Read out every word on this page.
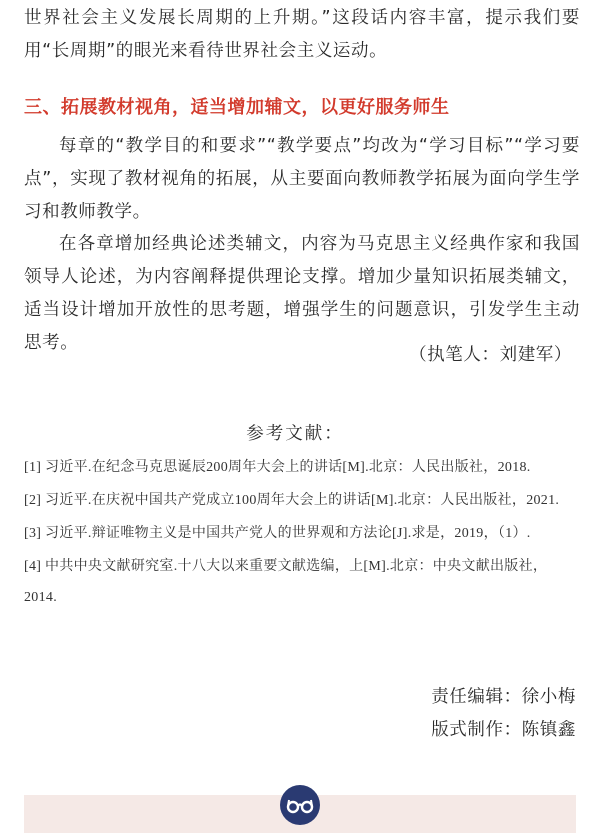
世界社会主义发展长周期的上升期。”这段话内容丰富，提示我们要用“长周期”的眼光来看待世界社会主义运动。

三、拓展教材视角，适当增加辅文，以更好服务师生

每章的“教学目的和要求”“教学要点”均改为“学习目标”“学习要点”，实现了教材视角的拓展，从主要面向教师教学拓展为面向学生学习和教师教学。

在各章增加经典论述类辅文，内容为马克思主义经典作家和我国领导人论述，为内容阐释提供理论支撑。增加少量知识拓展类辅文，适当设计增加开放性的思考题，增强学生的问题意识，引发学生主动思考。

（执笔人：刘建军）
参考文献：
[1] 习近平.在纪念马克思诞辰200周年大会上的讲话[M].北京：人民出版社，2018.
[2] 习近平.在庆祝中国共产党成立100周年大会上的讲话[M].北京：人民出版社，2021.
[3] 习近平.辩证唯物主义是中国共产党人的世界观和方法论[J].求是，2019，（1）.
[4] 中共中央文献研究室.十八大以来重要文献选编，上[M].北京：中央文献出版社，2014.
责任编辑：徐小梅
版式制作：陈镇鑫
